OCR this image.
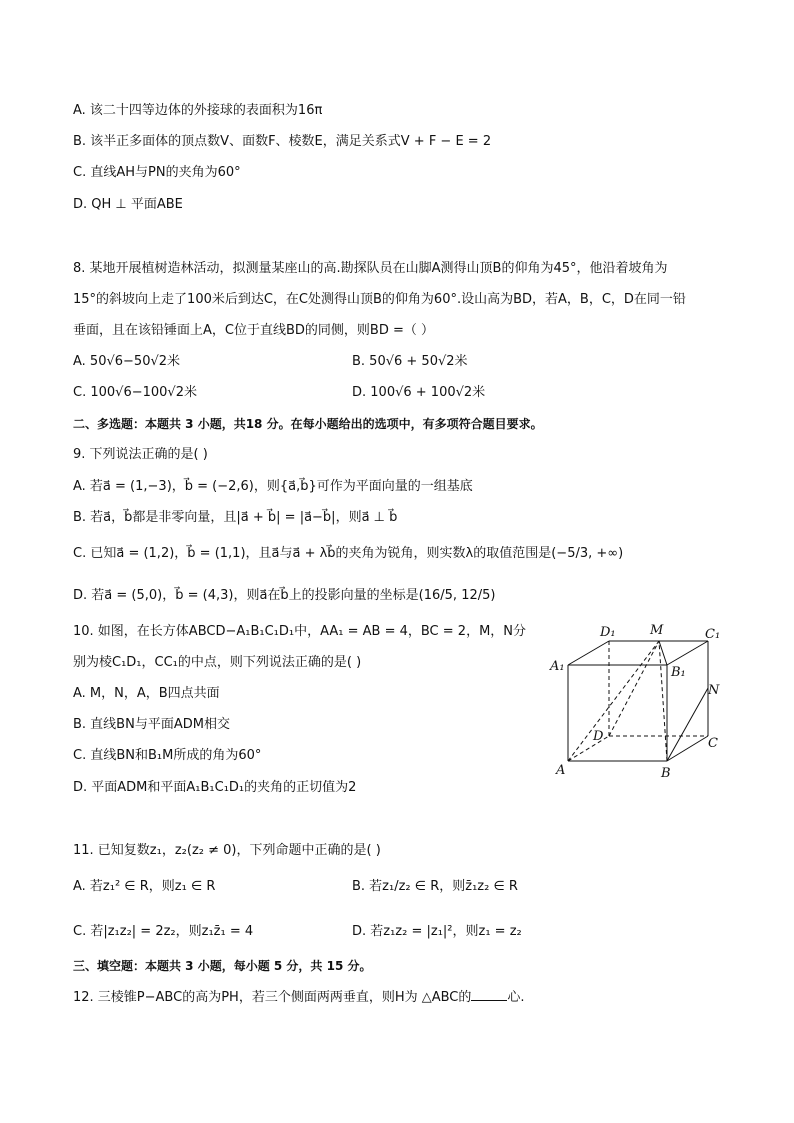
A. 该二十四等边体的外接球的表面积为16π
B. 该半正多面体的顶点数V、面数F、棱数E，满足关系式V + F − E = 2
C. 直线AH与PN的夹角为60°
D. QH ⊥ 平面ABE
8. 某地开展植树造林活动，拟测量某座山的高.勘探队员在山脚A测得山顶B的仰角为45°，他沿着坡角为
15°的斜坡向上走了100米后到达C，在C处测得山顶B的仰角为60°.设山高为BD，若A，B，C，D在同一铅
垂面，且在该铅锤面上A，C位于直线BD的同侧，则BD =（ ）
A. 50√6−50√2米	B. 50√6 + 50√2米
C. 100√6−100√2米	D. 100√6 + 100√2米
二、多选题：本题共 3 小题，共18 分。在每小题给出的选项中，有多项符合题目要求。
9. 下列说法正确的是( )
A. 若a⃗ = (1,−3)，b⃗ = (−2,6)，则{a⃗,b⃗}可作为平面向量的一组基底
B. 若a⃗，b⃗都是非零向量，且|a⃗ + b⃗| = |a⃗−b⃗|，则a⃗ ⊥ b⃗
C. 已知a⃗ = (1,2)，b⃗ = (1,1)，且a⃗与a⃗ + λb⃗的夹角为锐角，则实数λ的取值范围是(−5/3, +∞)
D. 若a⃗ = (5,0)，b⃗ = (4,3)，则a⃗在b⃗上的投影向量的坐标是(16/5, 12/5)
10. 如图，在长方体ABCD−A₁B₁C₁D₁中，AA₁ = AB = 4，BC = 2，M，N分
别为棱C₁D₁，CC₁的中点，则下列说法正确的是( )
A. M，N，A，B四点共面
B. 直线BN与平面ADM相交
C. 直线BN和B₁M所成的角为60°
D. 平面ADM和平面A₁B₁C₁D₁的夹角的正切值为2
D₁	M	C₁
A₁	B₁
N
D	C
A	B
11. 已知复数z₁，z₂(z₂ ≠ 0)，下列命题中正确的是( )
A. 若z₁² ∈ R，则z₁ ∈ R	B. 若z₁/z₂ ∈ R，则z̄₁z₂ ∈ R
C. 若|z₁z₂| = 2z₂，则z₁z̄₁ = 4	D. 若z₁z₂ = |z₁|²，则z₁ = z₂
三、填空题：本题共 3 小题，每小题 5 分，共 15 分。
12. 三棱锥P−ABC的高为PH，若三个侧面两两垂直，则H为 △ABC的	心.
